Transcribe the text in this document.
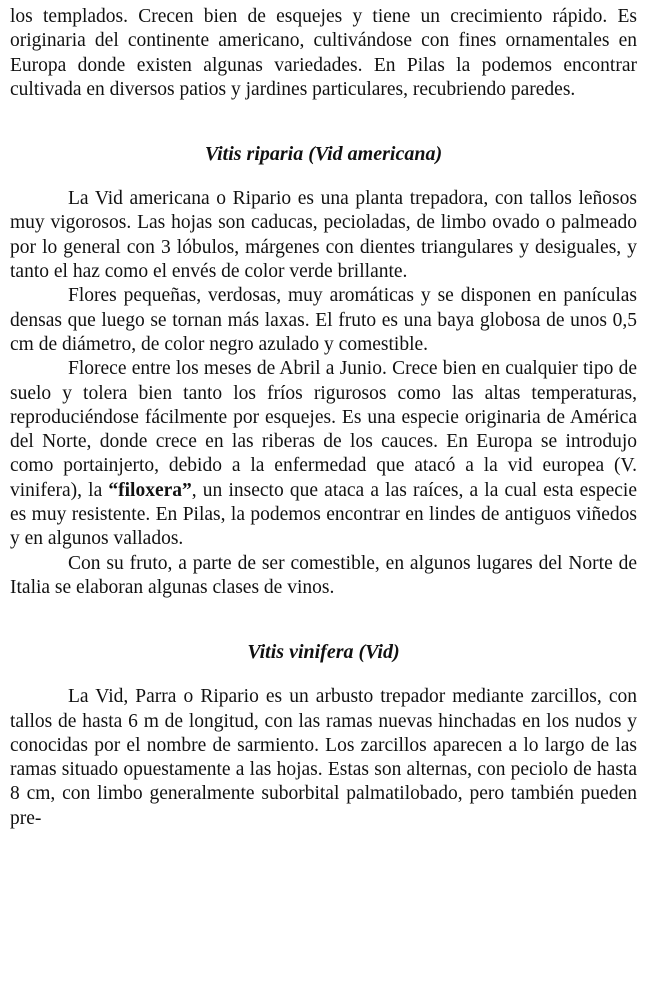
los templados. Crecen bien de esquejes y tiene un crecimiento rápido. Es originaria del continente americano, cultivándose con fines ornamentales en Europa donde existen algunas variedades. En Pilas la podemos encontrar cultivada en diversos patios y jardines particulares, recubriendo paredes.

Vitis riparia (Vid americana)

La Vid americana o Ripario es una planta trepadora, con tallos leñosos muy vigorosos. Las hojas son caducas, pecioladas, de limbo ovado o palmeado por lo general con 3 lóbulos, márgenes con dientes triangulares y desiguales, y tanto el haz como el envés de color verde brillante.

Flores pequeñas, verdosas, muy aromáticas y se disponen en panículas densas que luego se tornan más laxas. El fruto es una baya globosa de unos 0,5 cm de diámetro, de color negro azulado y comestible.

Florece entre los meses de Abril a Junio. Crece bien en cualquier tipo de suelo y tolera bien tanto los fríos rigurosos como las altas temperaturas, reproduciéndose fácilmente por esquejes. Es una especie originaria de América del Norte, donde crece en las riberas de los cauces. En Europa se introdujo como portainjerto, debido a la enfermedad que atacó a la vid europea (V. vinifera), la “filoxera”, un insecto que ataca a las raíces, a la cual esta especie es muy resistente. En Pilas, la podemos encontrar en lindes de antiguos viñedos y en algunos vallados.

Con su fruto, a parte de ser comestible, en algunos lugares del Norte de Italia se elaboran algunas clases de vinos.

Vitis vinifera (Vid)

La Vid, Parra o Ripario es un arbusto trepador mediante zarcillos, con tallos de hasta 6 m de longitud, con las ramas nuevas hinchadas en los nudos y conocidas por el nombre de sarmiento. Los zarcillos aparecen a lo largo de las ramas situado opuestamente a las hojas. Estas son alternas, con peciolo de hasta 8 cm, con limbo generalmente suborbital palmatilobado, pero también pueden pre-
